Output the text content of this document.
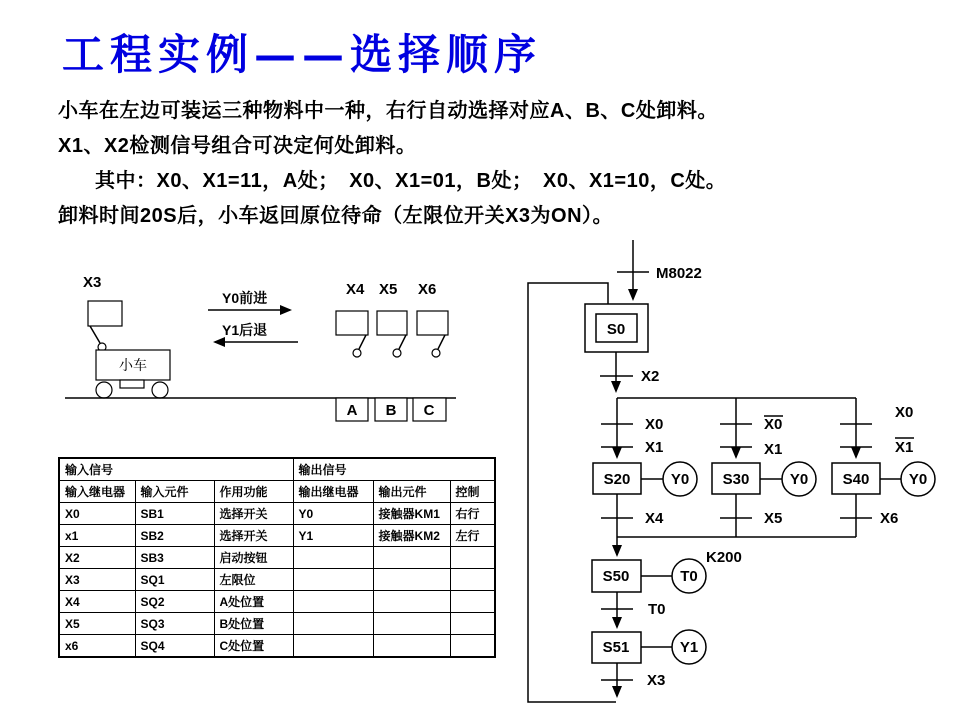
工程实例——选择顺序
小车在左边可装运三种物料中一种，右行自动选择对应A、B、C处卸料。
X1、X2检测信号组合可决定何处卸料。
其中：X0、X1=11，A处；　X0、X1=01，B处；　X0、X1=10，C处。
卸料时间20S后，小车返回原位待命（左限位开关X3为ON）。
X3
小车
Y0前进
Y1后退
X4 X5 X6
A B C
输入信号			输出信号		
输入继电器	输入元件	作用功能	输出继电器	输出元件	控制
X0	SB1	选择开关	Y0	接触器KM1	右行
x1	SB2	选择开关	Y1	接触器KM2	左行
X2	SB3	启动按钮			
X3	SQ1	左限位			
X4	SQ2	A处位置			
X5	SQ3	B处位置			
x6	SQ4	C处位置			
M8022
S0
X2
X0
X1
S20	Y0
X4
X0
X1
S30	Y0
X5
X0
X1
S40	Y0
X6
S50	T0
K200
T0
S51	Y1
X3
